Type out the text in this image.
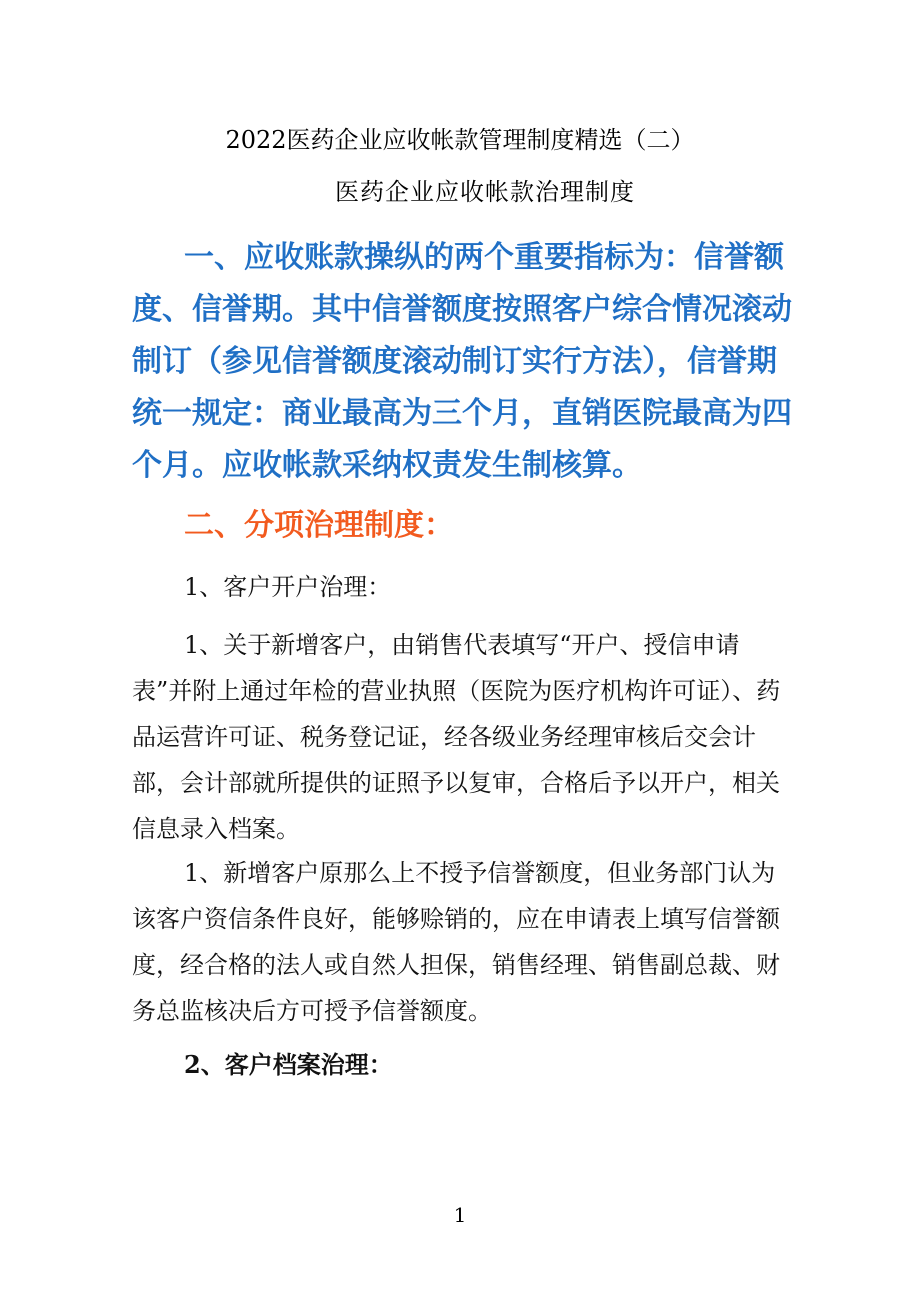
2022医药企业应收帐款管理制度精选（二）
医药企业应收帐款治理制度

一、应收账款操纵的两个重要指标为：信誉额度、信誉期。其中信誉额度按照客户综合情况滚动制订（参见信誉额度滚动制订实行方法），信誉期统一规定：商业最高为三个月，直销医院最高为四个月。应收帐款采纳权责发生制核算。

二、分项治理制度：

1、客户开户治理：

1、关于新增客户，由销售代表填写“开户、授信申请表”并附上通过年检的营业执照（医院为医疗机构许可证）、药品运营许可证、税务登记证，经各级业务经理审核后交会计部，会计部就所提供的证照予以复审，合格后予以开户，相关信息录入档案。

1、新增客户原那么上不授予信誉额度，但业务部门认为该客户资信条件良好，能够赊销的，应在申请表上填写信誉额度，经合格的法人或自然人担保，销售经理、销售副总裁、财务总监核决后方可授予信誉额度。

2、客户档案治理：

1
